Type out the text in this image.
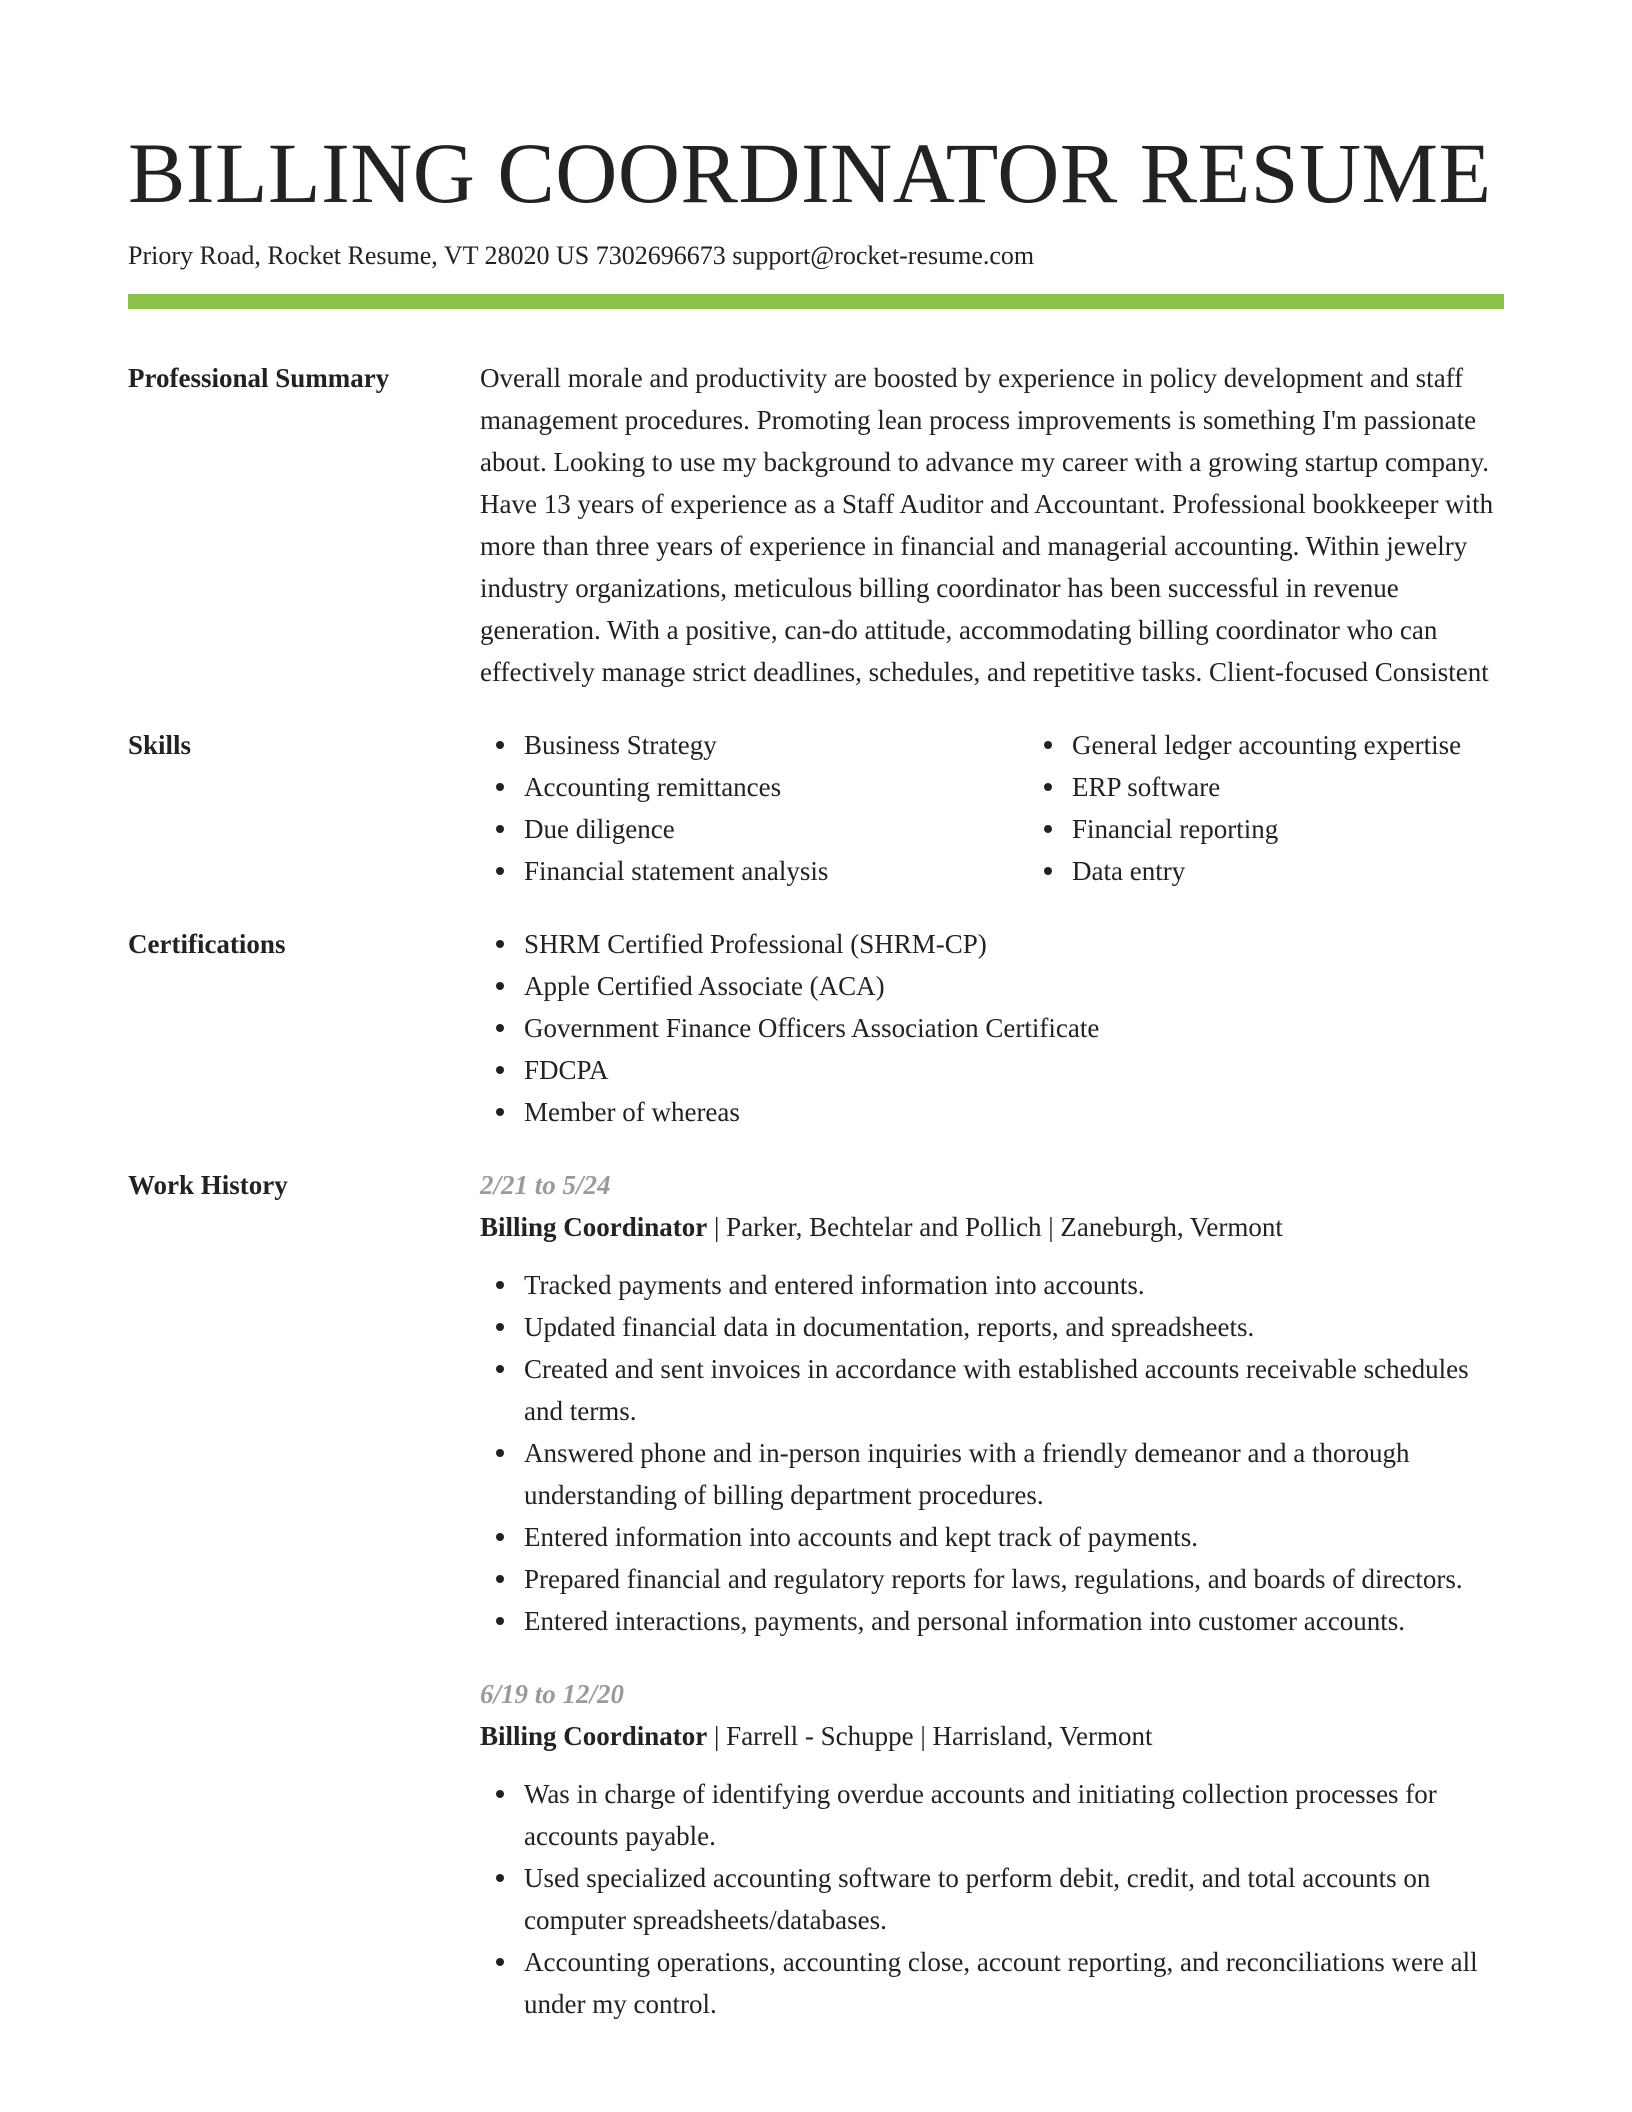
BILLING COORDINATOR RESUME
Priory Road, Rocket Resume, VT 28020 US 7302696673 support@rocket-resume.com
Professional Summary	Overall morale and productivity are boosted by experience in policy development and staff management procedures. Promoting lean process improvements is something I'm passionate about. Looking to use my background to advance my career with a growing startup company. Have 13 years of experience as a Staff Auditor and Accountant. Professional bookkeeper with more than three years of experience in financial and managerial accounting. Within jewelry industry organizations, meticulous billing coordinator has been successful in revenue generation. With a positive, can-do attitude, accommodating billing coordinator who can effectively manage strict deadlines, schedules, and repetitive tasks. Client-focused Consistent

Skills	Business Strategy
Accounting remittances
Due diligence
Financial statement analysis
General ledger accounting expertise
ERP software
Financial reporting
Data entry
Certifications	SHRM Certified Professional (SHRM-CP)
Apple Certified Associate (ACA)
Government Finance Officers Association Certificate
FDCPA
Member of whereas
Work History	2/21 to 5/24
Billing Coordinator | Parker, Bechtelar and Pollich | Zaneburgh, Vermont
Tracked payments and entered information into accounts.
Updated financial data in documentation, reports, and spreadsheets.
Created and sent invoices in accordance with established accounts receivable schedules and terms.
Answered phone and in-person inquiries with a friendly demeanor and a thorough understanding of billing department procedures.
Entered information into accounts and kept track of payments.
Prepared financial and regulatory reports for laws, regulations, and boards of directors.
Entered interactions, payments, and personal information into customer accounts.
6/19 to 12/20
Billing Coordinator | Farrell - Schuppe | Harrisland, Vermont
Was in charge of identifying overdue accounts and initiating collection processes for accounts payable.
Used specialized accounting software to perform debit, credit, and total accounts on computer spreadsheets/databases.
Accounting operations, accounting close, account reporting, and reconciliations were all under my control.
